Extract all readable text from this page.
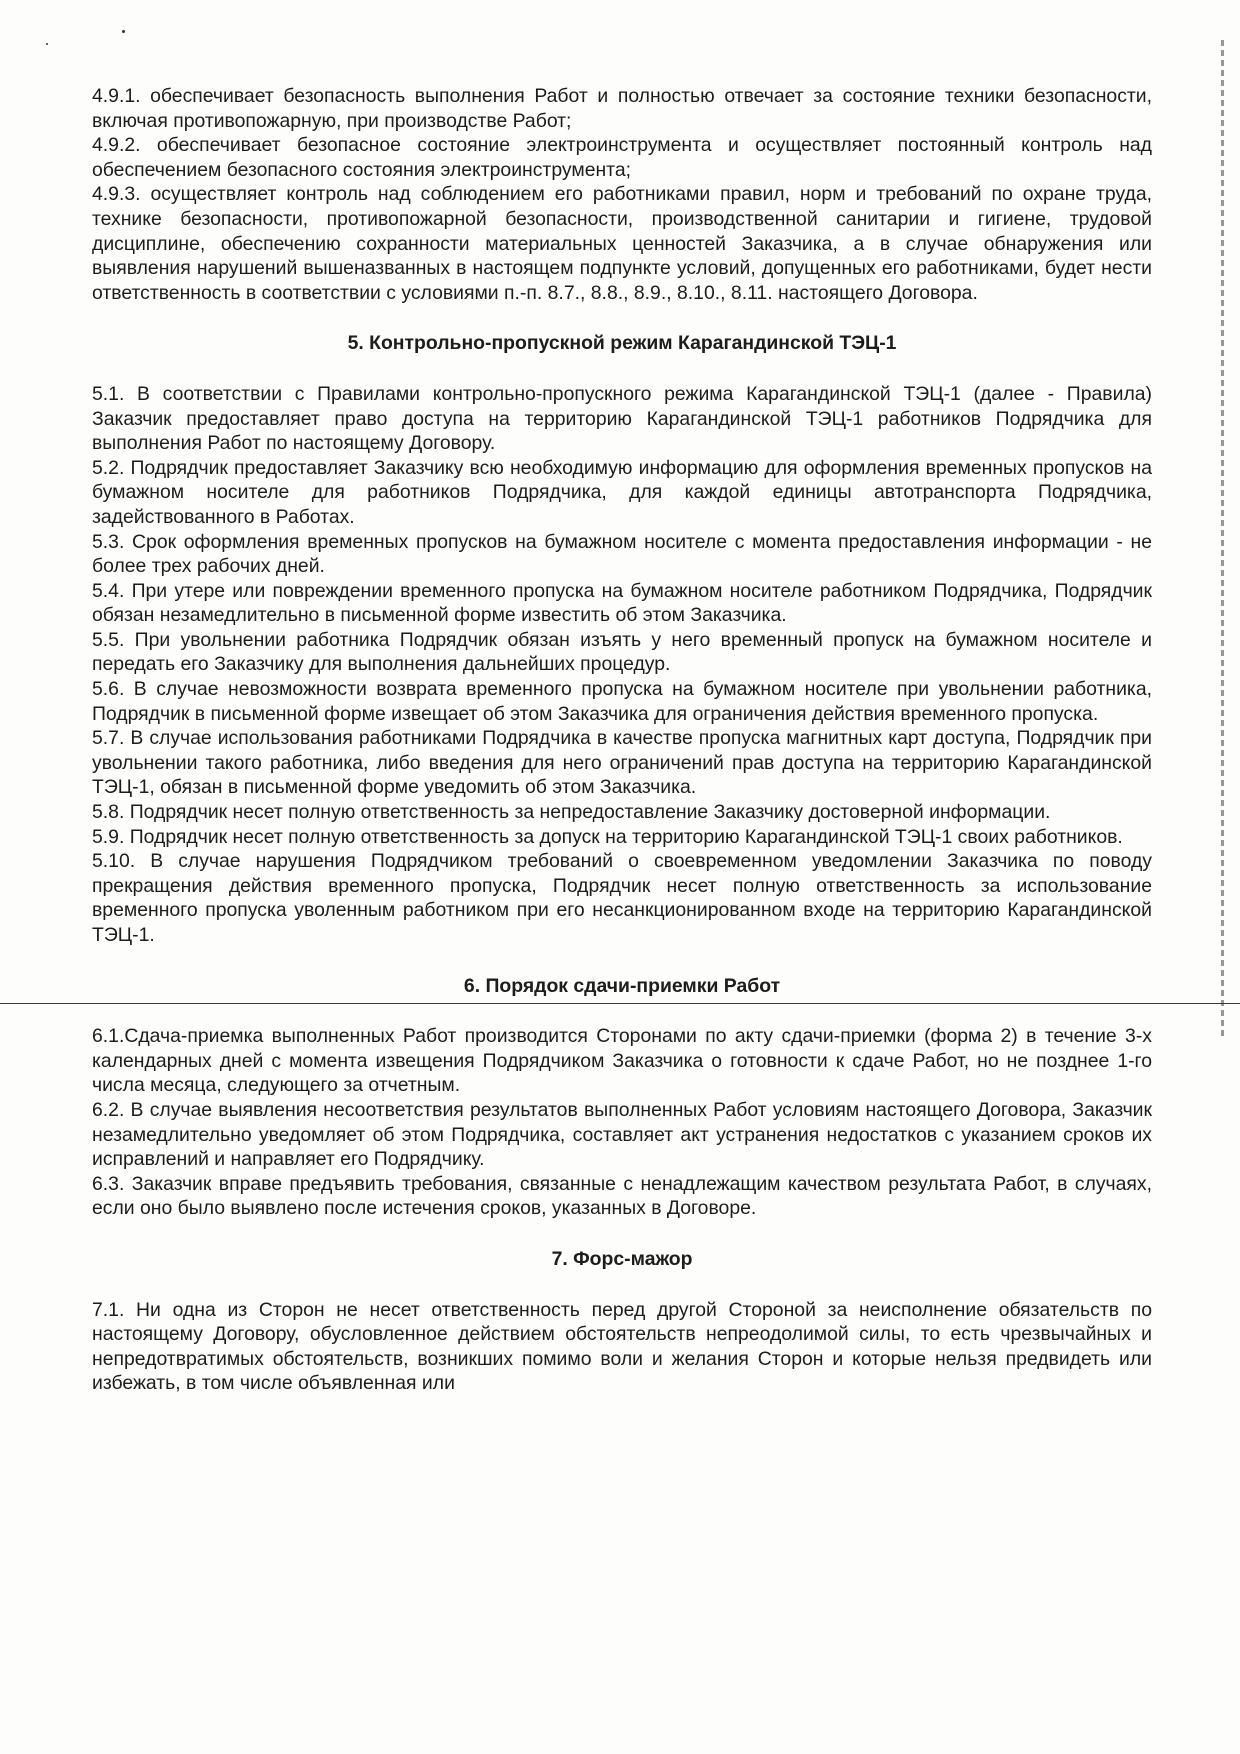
4.9.1. обеспечивает безопасность выполнения Работ и полностью отвечает за состояние техники безопасности, включая противопожарную, при производстве Работ;

4.9.2. обеспечивает безопасное состояние электроинструмента и осуществляет постоянный контроль над обеспечением безопасного состояния электроинструмента;

4.9.3. осуществляет контроль над соблюдением его работниками правил, норм и требований по охране труда, технике безопасности, противопожарной безопасности, производственной санитарии и гигиене, трудовой дисциплине, обеспечению сохранности материальных ценностей Заказчика, а в случае обнаружения или выявления нарушений вышеназванных в настоящем подпункте условий, допущенных его работниками, будет нести ответственность в соответствии с условиями п.-п. 8.7., 8.8., 8.9., 8.10., 8.11. настоящего Договора.

5. Контрольно-пропускной режим Карагандинской ТЭЦ-1

5.1. В соответствии с Правилами контрольно-пропускного режима Карагандинской ТЭЦ-1 (далее - Правила) Заказчик предоставляет право доступа на территорию Карагандинской ТЭЦ-1 работников Подрядчика для выполнения Работ по настоящему Договору.

5.2. Подрядчик предоставляет Заказчику всю необходимую информацию для оформления временных пропусков на бумажном носителе для работников Подрядчика, для каждой единицы автотранспорта Подрядчика, задействованного в Работах.

5.3. Срок оформления временных пропусков на бумажном носителе с момента предоставления информации - не более трех рабочих дней.

5.4. При утере или повреждении временного пропуска на бумажном носителе работником Подрядчика, Подрядчик обязан незамедлительно в письменной форме известить об этом Заказчика.

5.5. При увольнении работника Подрядчик обязан изъять у него временный пропуск на бумажном носителе и передать его Заказчику для выполнения дальнейших процедур.

5.6. В случае невозможности возврата временного пропуска на бумажном носителе при увольнении работника, Подрядчик в письменной форме извещает об этом Заказчика для ограничения действия временного пропуска.

5.7. В случае использования работниками Подрядчика в качестве пропуска магнитных карт доступа, Подрядчик при увольнении такого работника, либо введения для него ограничений прав доступа на территорию Карагандинской ТЭЦ-1, обязан в письменной форме уведомить об этом Заказчика.

5.8. Подрядчик несет полную ответственность за непредоставление Заказчику достоверной информации.

5.9. Подрядчик несет полную ответственность за допуск на территорию Карагандинской ТЭЦ-1 своих работников.

5.10. В случае нарушения Подрядчиком требований о своевременном уведомлении Заказчика по поводу прекращения действия временного пропуска, Подрядчик несет полную ответственность за использование временного пропуска уволенным работником при его несанкционированном входе на территорию Карагандинской ТЭЦ-1.

6. Порядок сдачи-приемки Работ

6.1.Сдача-приемка выполненных Работ производится Сторонами по акту сдачи-приемки (форма 2) в течение 3-х календарных дней с момента извещения Подрядчиком Заказчика о готовности к сдаче Работ, но не позднее 1-го числа месяца, следующего за отчетным.

6.2. В случае выявления несоответствия результатов выполненных Работ условиям настоящего Договора, Заказчик незамедлительно уведомляет об этом Подрядчика, составляет акт устранения недостатков с указанием сроков их исправлений и направляет его Подрядчику.

6.3. Заказчик вправе предъявить требования, связанные с ненадлежащим качеством результата Работ, в случаях, если оно было выявлено после истечения сроков, указанных в Договоре.

7. Форс-мажор

7.1. Ни одна из Сторон не несет ответственность перед другой Стороной за неисполнение обязательств по настоящему Договору, обусловленное действием обстоятельств непреодолимой силы, то есть чрезвычайных и непредотвратимых обстоятельств, возникших помимо воли и желания Сторон и которые нельзя предвидеть или избежать, в том числе объявленная или
